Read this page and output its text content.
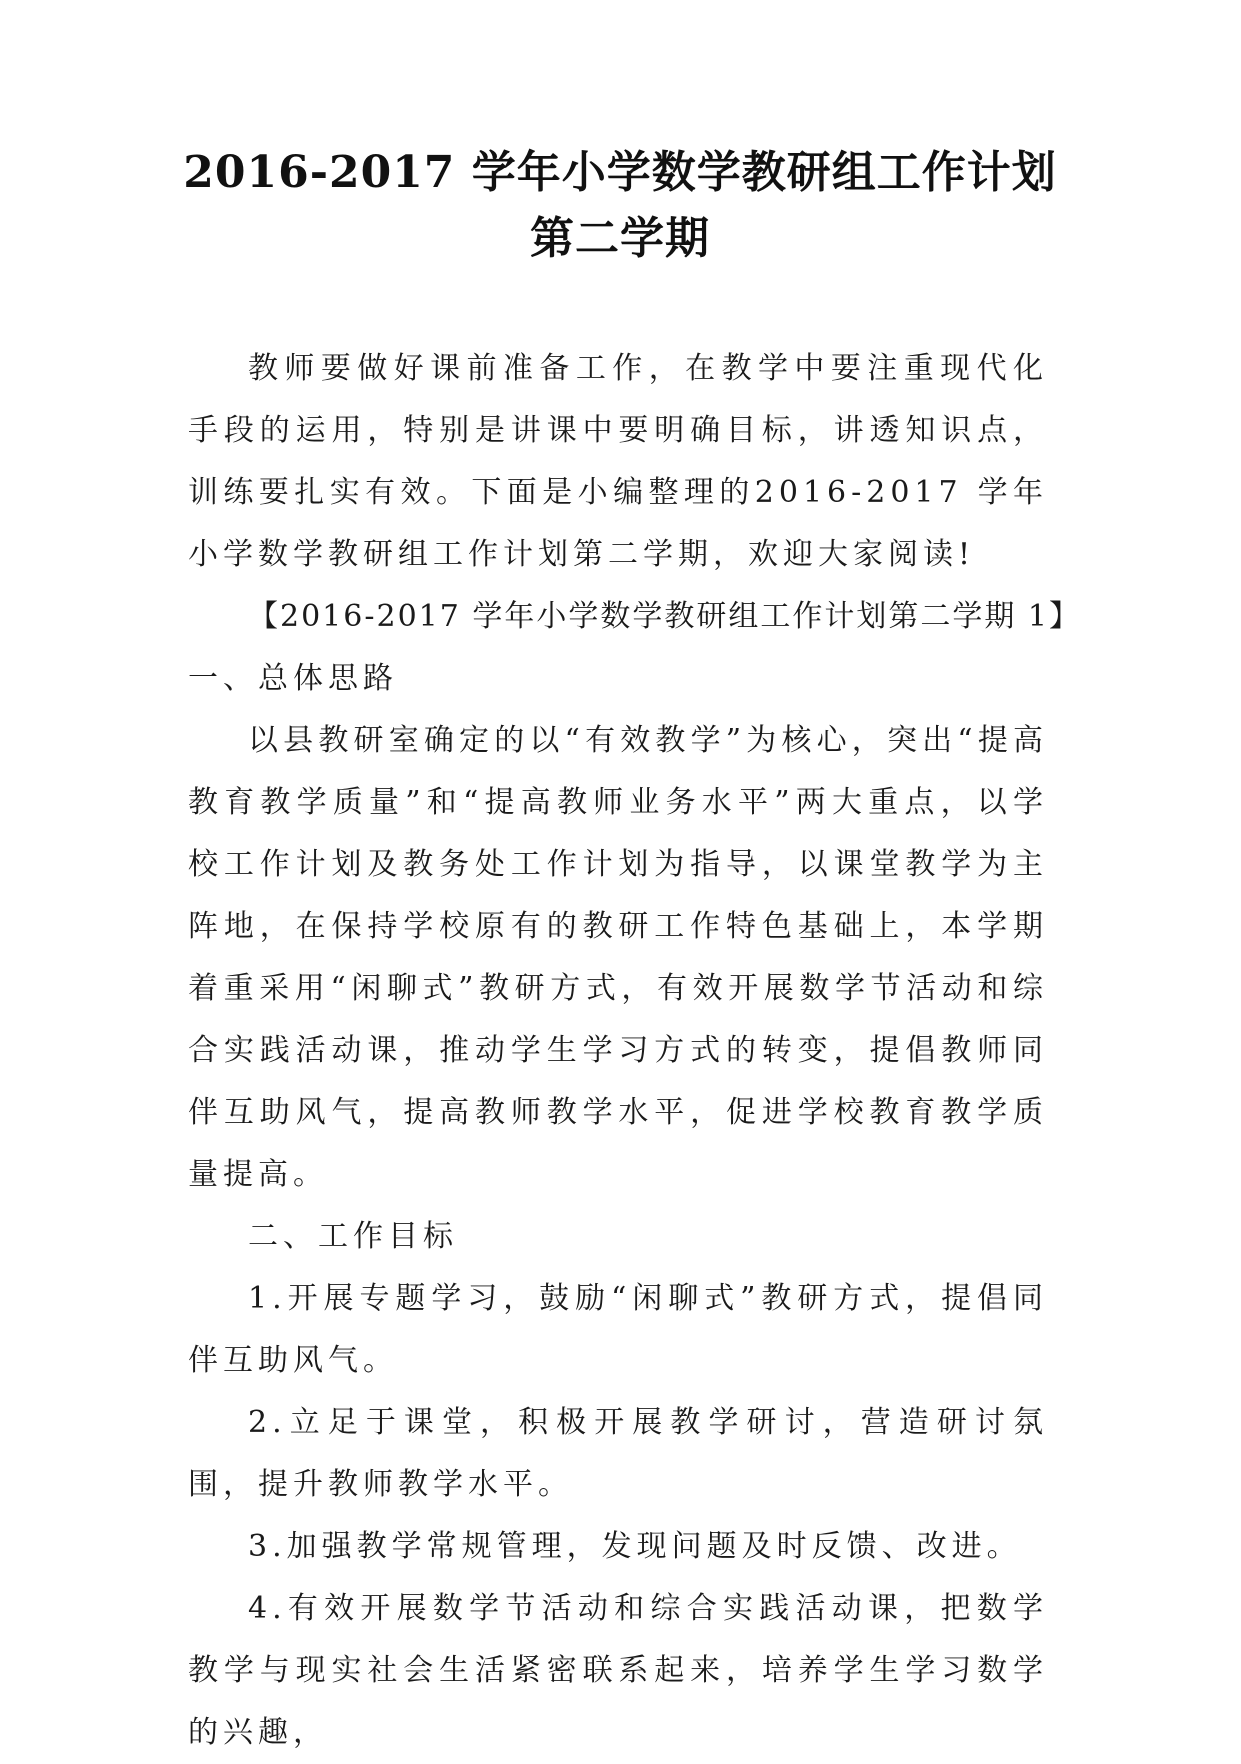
2016-2017 学年小学数学教研组工作计划第二学期

教师要做好课前准备工作，在教学中要注重现代化手段的运用，特别是讲课中要明确目标，讲透知识点，训练要扎实有效。下面是小编整理的2016-2017 学年小学数学教研组工作计划第二学期，欢迎大家阅读!

【2016-2017 学年小学数学教研组工作计划第二学期 1】

一、总体思路

以县教研室确定的以“有效教学”为核心，突出“提高教育教学质量”和“提高教师业务水平”两大重点，以学校工作计划及教务处工作计划为指导，以课堂教学为主阵地，在保持学校原有的教研工作特色基础上，本学期着重采用“闲聊式”教研方式，有效开展数学节活动和综合实践活动课，推动学生学习方式的转变，提倡教师同伴互助风气，提高教师教学水平，促进学校教育教学质量提高。

二、工作目标

1.开展专题学习，鼓励“闲聊式”教研方式，提倡同伴互助风气。

2.立足于课堂，积极开展教学研讨，营造研讨氛围，提升教师教学水平。

3.加强教学常规管理，发现问题及时反馈、改进。

4.有效开展数学节活动和综合实践活动课，把数学教学与现实社会生活紧密联系起来，培养学生学习数学的兴趣，
